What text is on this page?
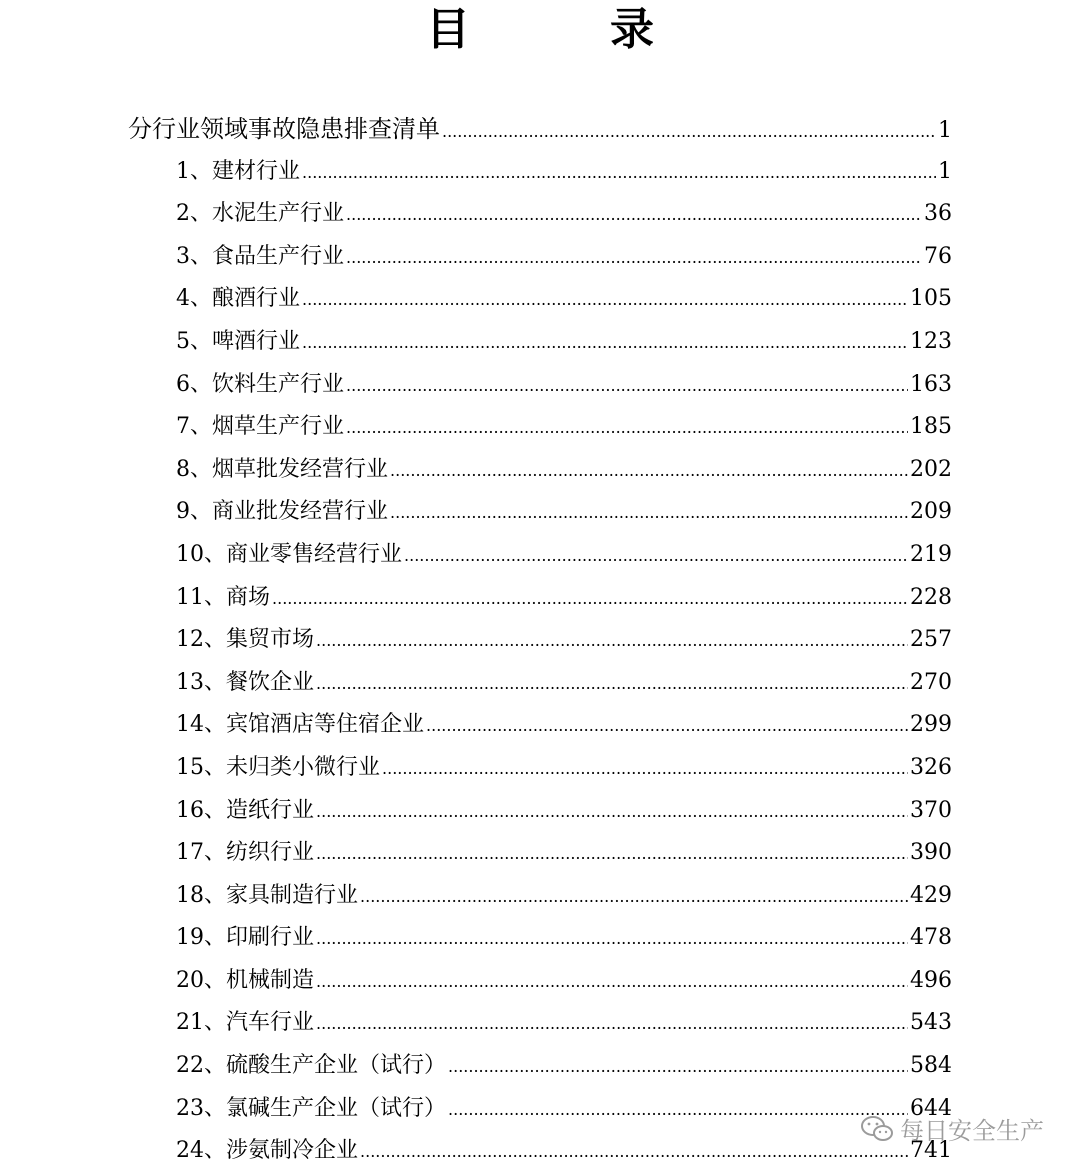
目　录
分行业领域事故隐患排查清单 .....	1
1、 建材行业 .....	1
2、 水泥生产行业 .....	36
3、 食品生产行业 .....	76
4、 酿酒行业 .....	105
5、 啤酒行业 .....	123
6、 饮料生产行业 .....	163
7、 烟草生产行业 .....	185
8、 烟草批发经营行业 .....	202
9、 商业批发经营行业 .....	209
10、 商业零售经营行业 .....	219
11、 商场 .....	228
12、 集贸市场 .....	257
13、 餐饮企业 .....	270
14、 宾馆酒店等住宿企业 .....	299
15、 未归类小微行业 .....	326
16、 造纸行业 .....	370
17、 纺织行业 .....	390
18、 家具制造行业 .....	429
19、 印刷行业 .....	478
20、 机械制造 .....	496
21、 汽车行业 .....	543
22、 硫酸生产企业（试行） .....	584
23、 氯碱生产企业（试行） .....	644
24、 涉氨制冷企业 .....	741
每日安全生产
